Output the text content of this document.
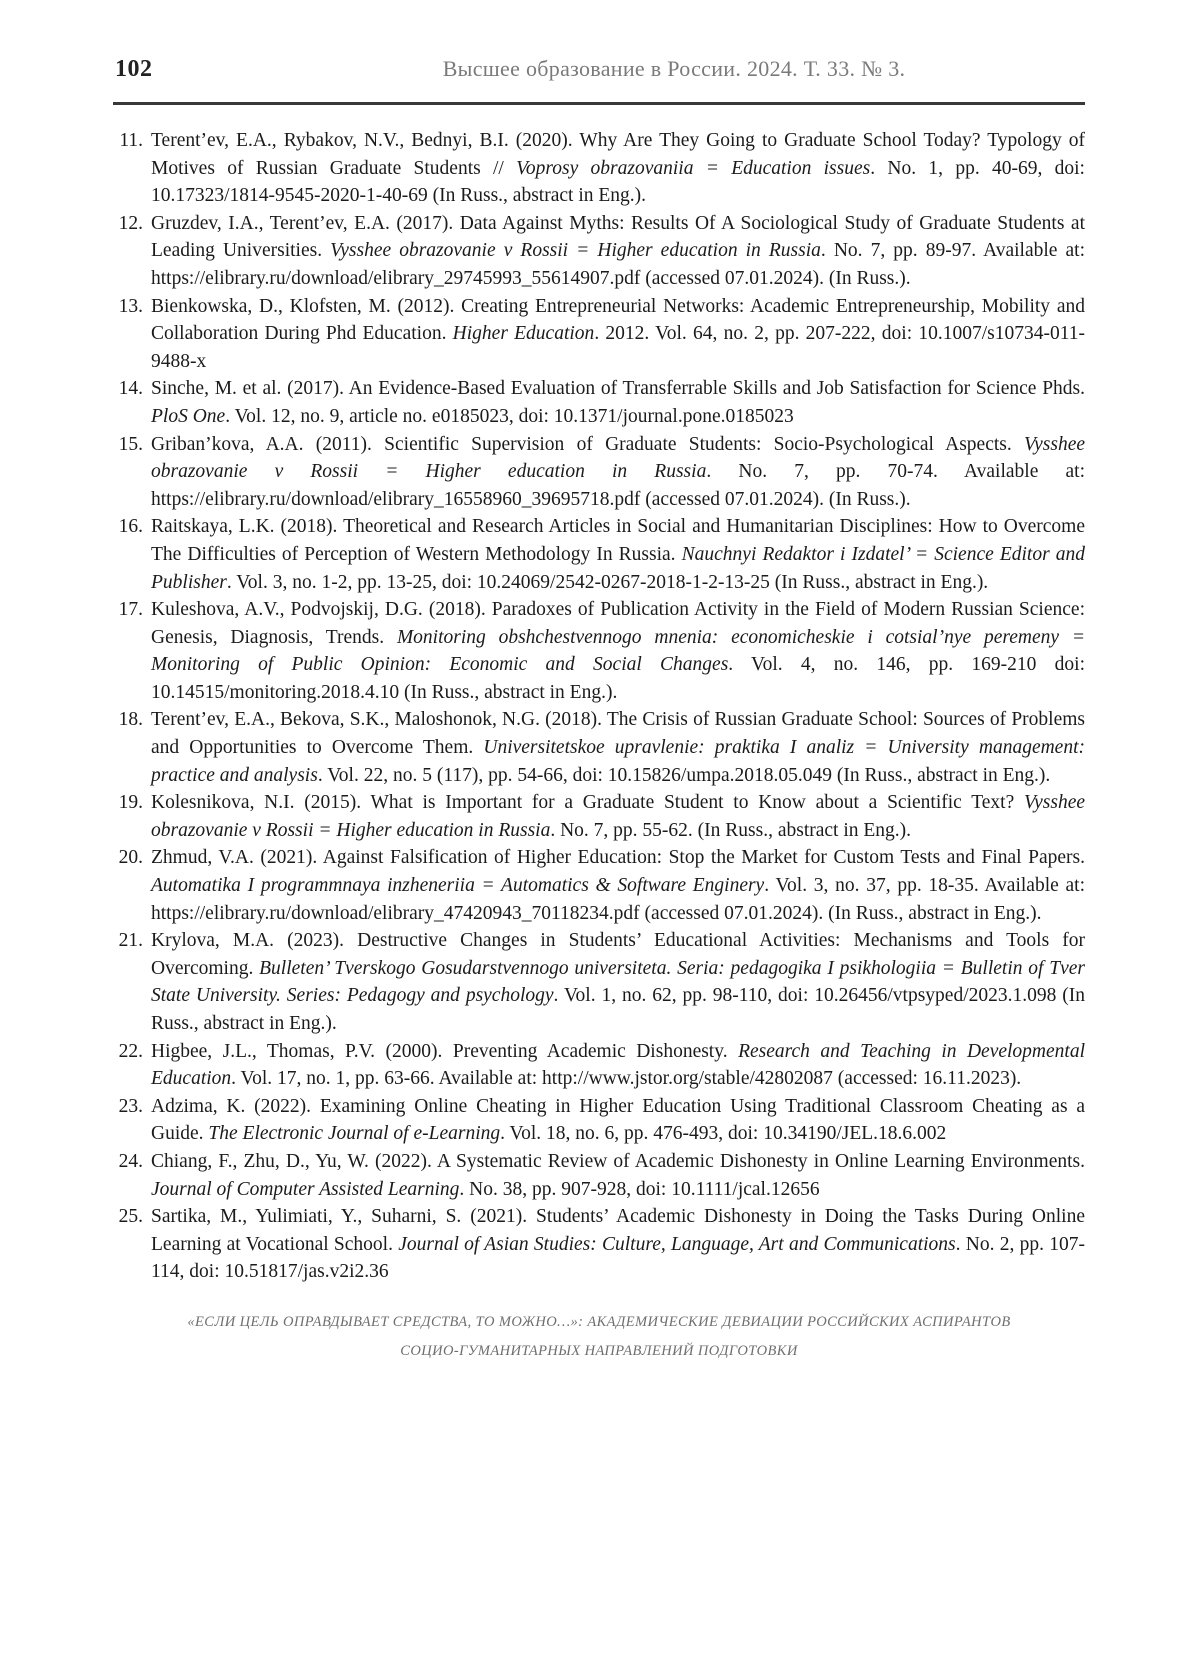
102	Высшее образование в России. 2024. Т. 33. № 3.
11. Terent’ev, E.A., Rybakov, N.V., Bednyi, B.I. (2020). Why Are They Going to Graduate School Today? Typology of Motives of Russian Graduate Students // Voprosy obrazovaniia = Education issues. No. 1, pp. 40-69, doi: 10.17323/1814-9545-2020-1-40-69 (In Russ., abstract in Eng.).
12. Gruzdev, I.A., Terent’ev, E.A. (2017). Data Against Myths: Results Of A Sociological Study of Graduate Students at Leading Universities. Vysshee obrazovanie v Rossii = Higher education in Russia. No. 7, pp. 89-97. Available at: https://elibrary.ru/download/elibrary_29745993_55614907.pdf (accessed 07.01.2024). (In Russ.).
13. Bienkowska, D., Klofsten, M. (2012). Creating Entrepreneurial Networks: Academic Entrepreneurship, Mobility and Collaboration During Phd Education. Higher Education. 2012. Vol. 64, no. 2, pp. 207-222, doi: 10.1007/s10734-011-9488-x
14. Sinche, M. et al. (2017). An Evidence-Based Evaluation of Transferrable Skills and Job Satisfaction for Science Phds. PloS One. Vol. 12, no. 9, article no. e0185023, doi: 10.1371/journal.pone.0185023
15. Griban’kova, A.A. (2011). Scientific Supervision of Graduate Students: Socio-Psychological Aspects. Vysshee obrazovanie v Rossii = Higher education in Russia. No. 7, pp. 70-74. Available at: https://elibrary.ru/download/elibrary_16558960_39695718.pdf (accessed 07.01.2024). (In Russ.).
16. Raitskaya, L.K. (2018). Theoretical and Research Articles in Social and Humanitarian Disciplines: How to Overcome The Difficulties of Perception of Western Methodology In Russia. Nauchnyi Redaktor i Izdatel’ = Science Editor and Publisher. Vol. 3, no. 1-2, pp. 13-25, doi: 10.24069/2542-0267-2018-1-2-13-25 (In Russ., abstract in Eng.).
17. Kuleshova, A.V., Podvojskij, D.G. (2018). Paradoxes of Publication Activity in the Field of Modern Russian Science: Genesis, Diagnosis, Trends. Monitoring obshchestvennogo mnenia: economicheskie i cotsial’nye peremeny = Monitoring of Public Opinion: Economic and Social Changes. Vol. 4, no. 146, pp. 169-210 doi: 10.14515/monitoring.2018.4.10 (In Russ., abstract in Eng.).
18. Terent’ev, E.A., Bekova, S.K., Maloshonok, N.G. (2018). The Crisis of Russian Graduate School: Sources of Problems and Opportunities to Overcome Them. Universitetskoe upravlenie: praktika I analiz = University management: practice and analysis. Vol. 22, no. 5 (117), pp. 54-66, doi: 10.15826/umpa.2018.05.049 (In Russ., abstract in Eng.).
19. Kolesnikova, N.I. (2015). What is Important for a Graduate Student to Know about a Scientific Text? Vysshee obrazovanie v Rossii = Higher education in Russia. No. 7, pp. 55-62. (In Russ., abstract in Eng.).
20. Zhmud, V.A. (2021). Against Falsification of Higher Education: Stop the Market for Custom Tests and Final Papers. Automatika I programmnaya inzheneriia = Automatics & Software Enginery. Vol. 3, no. 37, pp. 18-35. Available at: https://elibrary.ru/download/elibrary_47420943_70118234.pdf (accessed 07.01.2024). (In Russ., abstract in Eng.).
21. Krylova, M.A. (2023). Destructive Changes in Students’ Educational Activities: Mechanisms and Tools for Overcoming. Bulleten’ Tverskogo Gosudarstvennogo universiteta. Seria: pedagogika I psikhologiia = Bulletin of Tver State University. Series: Pedagogy and psychology. Vol. 1, no. 62, pp. 98-110, doi: 10.26456/vtpsyped/2023.1.098 (In Russ., abstract in Eng.).
22. Higbee, J.L., Thomas, P.V. (2000). Preventing Academic Dishonesty. Research and Teaching in Developmental Education. Vol. 17, no. 1, pp. 63-66. Available at: http://www.jstor.org/stable/42802087 (accessed: 16.11.2023).
23. Adzima, K. (2022). Examining Online Cheating in Higher Education Using Traditional Classroom Cheating as a Guide. The Electronic Journal of e-Learning. Vol. 18, no. 6, pp. 476-493, doi: 10.34190/JEL.18.6.002
24. Chiang, F., Zhu, D., Yu, W. (2022). A Systematic Review of Academic Dishonesty in Online Learning Environments. Journal of Computer Assisted Learning. No. 38, pp. 907-928, doi: 10.1111/jcal.12656
25. Sartika, M., Yulimiati, Y., Suharni, S. (2021). Students’ Academic Dishonesty in Doing the Tasks During Online Learning at Vocational School. Journal of Asian Studies: Culture, Language, Art and Communications. No. 2, pp. 107-114, doi: 10.51817/jas.v2i2.36
«ЕСЛИ ЦЕЛЬ ОПРАВДЫВАЕТ СРЕДСТВА, ТО МОЖНО…»: АКАДЕМИЧЕСКИЕ ДЕВИАЦИИ РОССИЙСКИХ АСПИРАНТОВ
СОЦИО-ГУМАНИТАРНЫХ НАПРАВЛЕНИЙ ПОДГОТОВКИ
